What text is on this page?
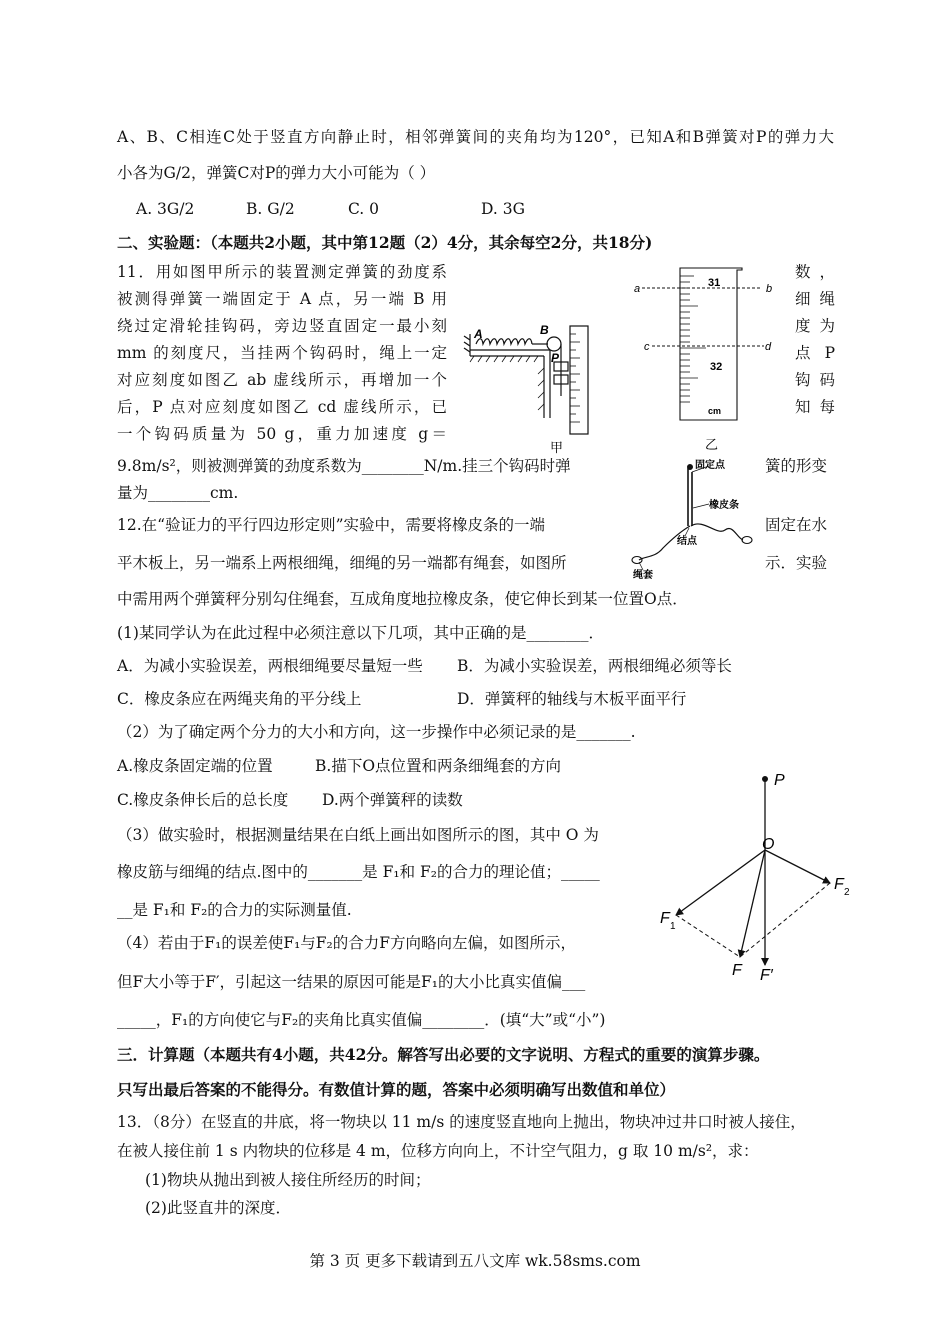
A、B、C相连C处于竖直方向静止时，相邻弹簧间的夹角均为120°，已知A和B弹簧对P的弹力大
小各为G/2，弹簧C对P的弹力大小可能为（ ）
A. 3G/2	B. G/2	C. 0	D. 3G
二、实验题：（本题共2小题，其中第12题（2）4分，其余每空2分，共18分)
11．用如图甲所示的装置测定弹簧的劲度系
被测得弹簧一端固定于 A 点，另一端 B 用
绕过定滑轮挂钩码，旁边竖直固定一最小刻
mm 的刻度尺，当挂两个钩码时，绳上一定
对应刻度如图乙 ab 虚线所示，再增加一个
后，P 点对应刻度如图乙 cd 虚线所示，已
一个钩码质量为 50 g，重力加速度 g＝
数，
细绳
度为
点 P
钩码
知每
9.8m/s²，则被测弹簧的劲度系数为________N/m.挂三个钩码时弹	簧的形变
量为________cm.
A	B
P
甲
a	b
c	d
31
32
cm
乙
12.在“验证力的平行四边形定则”实验中，需要将橡皮条的一端	固定在水
平木板上，另一端系上两根细绳，细绳的另一端都有绳套，如图所	示．实验
中需用两个弹簧秤分别勾住绳套，互成角度地拉橡皮条，使它伸长到某一位置O点．
固定点
橡皮条
结点
绳套
(1)某同学认为在此过程中必须注意以下几项，其中正确的是________．
A．为减小实验误差，两根细绳要尽量短一些 B．为减小实验误差，两根细绳必须等长
C．橡皮条应在两绳夹角的平分线上	D．弹簧秤的轴线与木板平面平行
（2）为了确定两个分力的大小和方向，这一步操作中必须记录的是_______.
A.橡皮条固定端的位置	B.描下O点位置和两条细绳套的方向
C.橡皮条伸长后的总长度 D.两个弹簧秤的读数
（3）做实验时，根据测量结果在白纸上画出如图所示的图，其中 O 为
橡皮筋与细绳的结点.图中的_______是 F₁和 F₂的合力的理论值；_____
__是 F₁和 F₂的合力的实际测量值.
（4）若由于F₁的误差使F₁与F₂的合力F方向略向左偏，如图所示，
但F大小等于F′，引起这一结果的原因可能是F₁的大小比真实值偏___
_____，F₁的方向使它与F₂的夹角比真实值偏________．(填“大”或“小”)
P
O
F 1
F 2
F F′
三．计算题（本题共有4小题，共42分。解答写出必要的文字说明、方程式的重要的演算步骤。
只写出最后答案的不能得分。有数值计算的题，答案中必须明确写出数值和单位）
13．（8分）在竖直的井底，将一物块以 11 m/s 的速度竖直地向上抛出，物块冲过井口时被人接住，
在被人接住前 1 s 内物块的位移是 4 m，位移方向向上，不计空气阻力，g 取 10 m/s²，求：
(1)物块从抛出到被人接住所经历的时间；
(2)此竖直井的深度．
第 3 页 更多下载请到五八文库 wk.58sms.com
